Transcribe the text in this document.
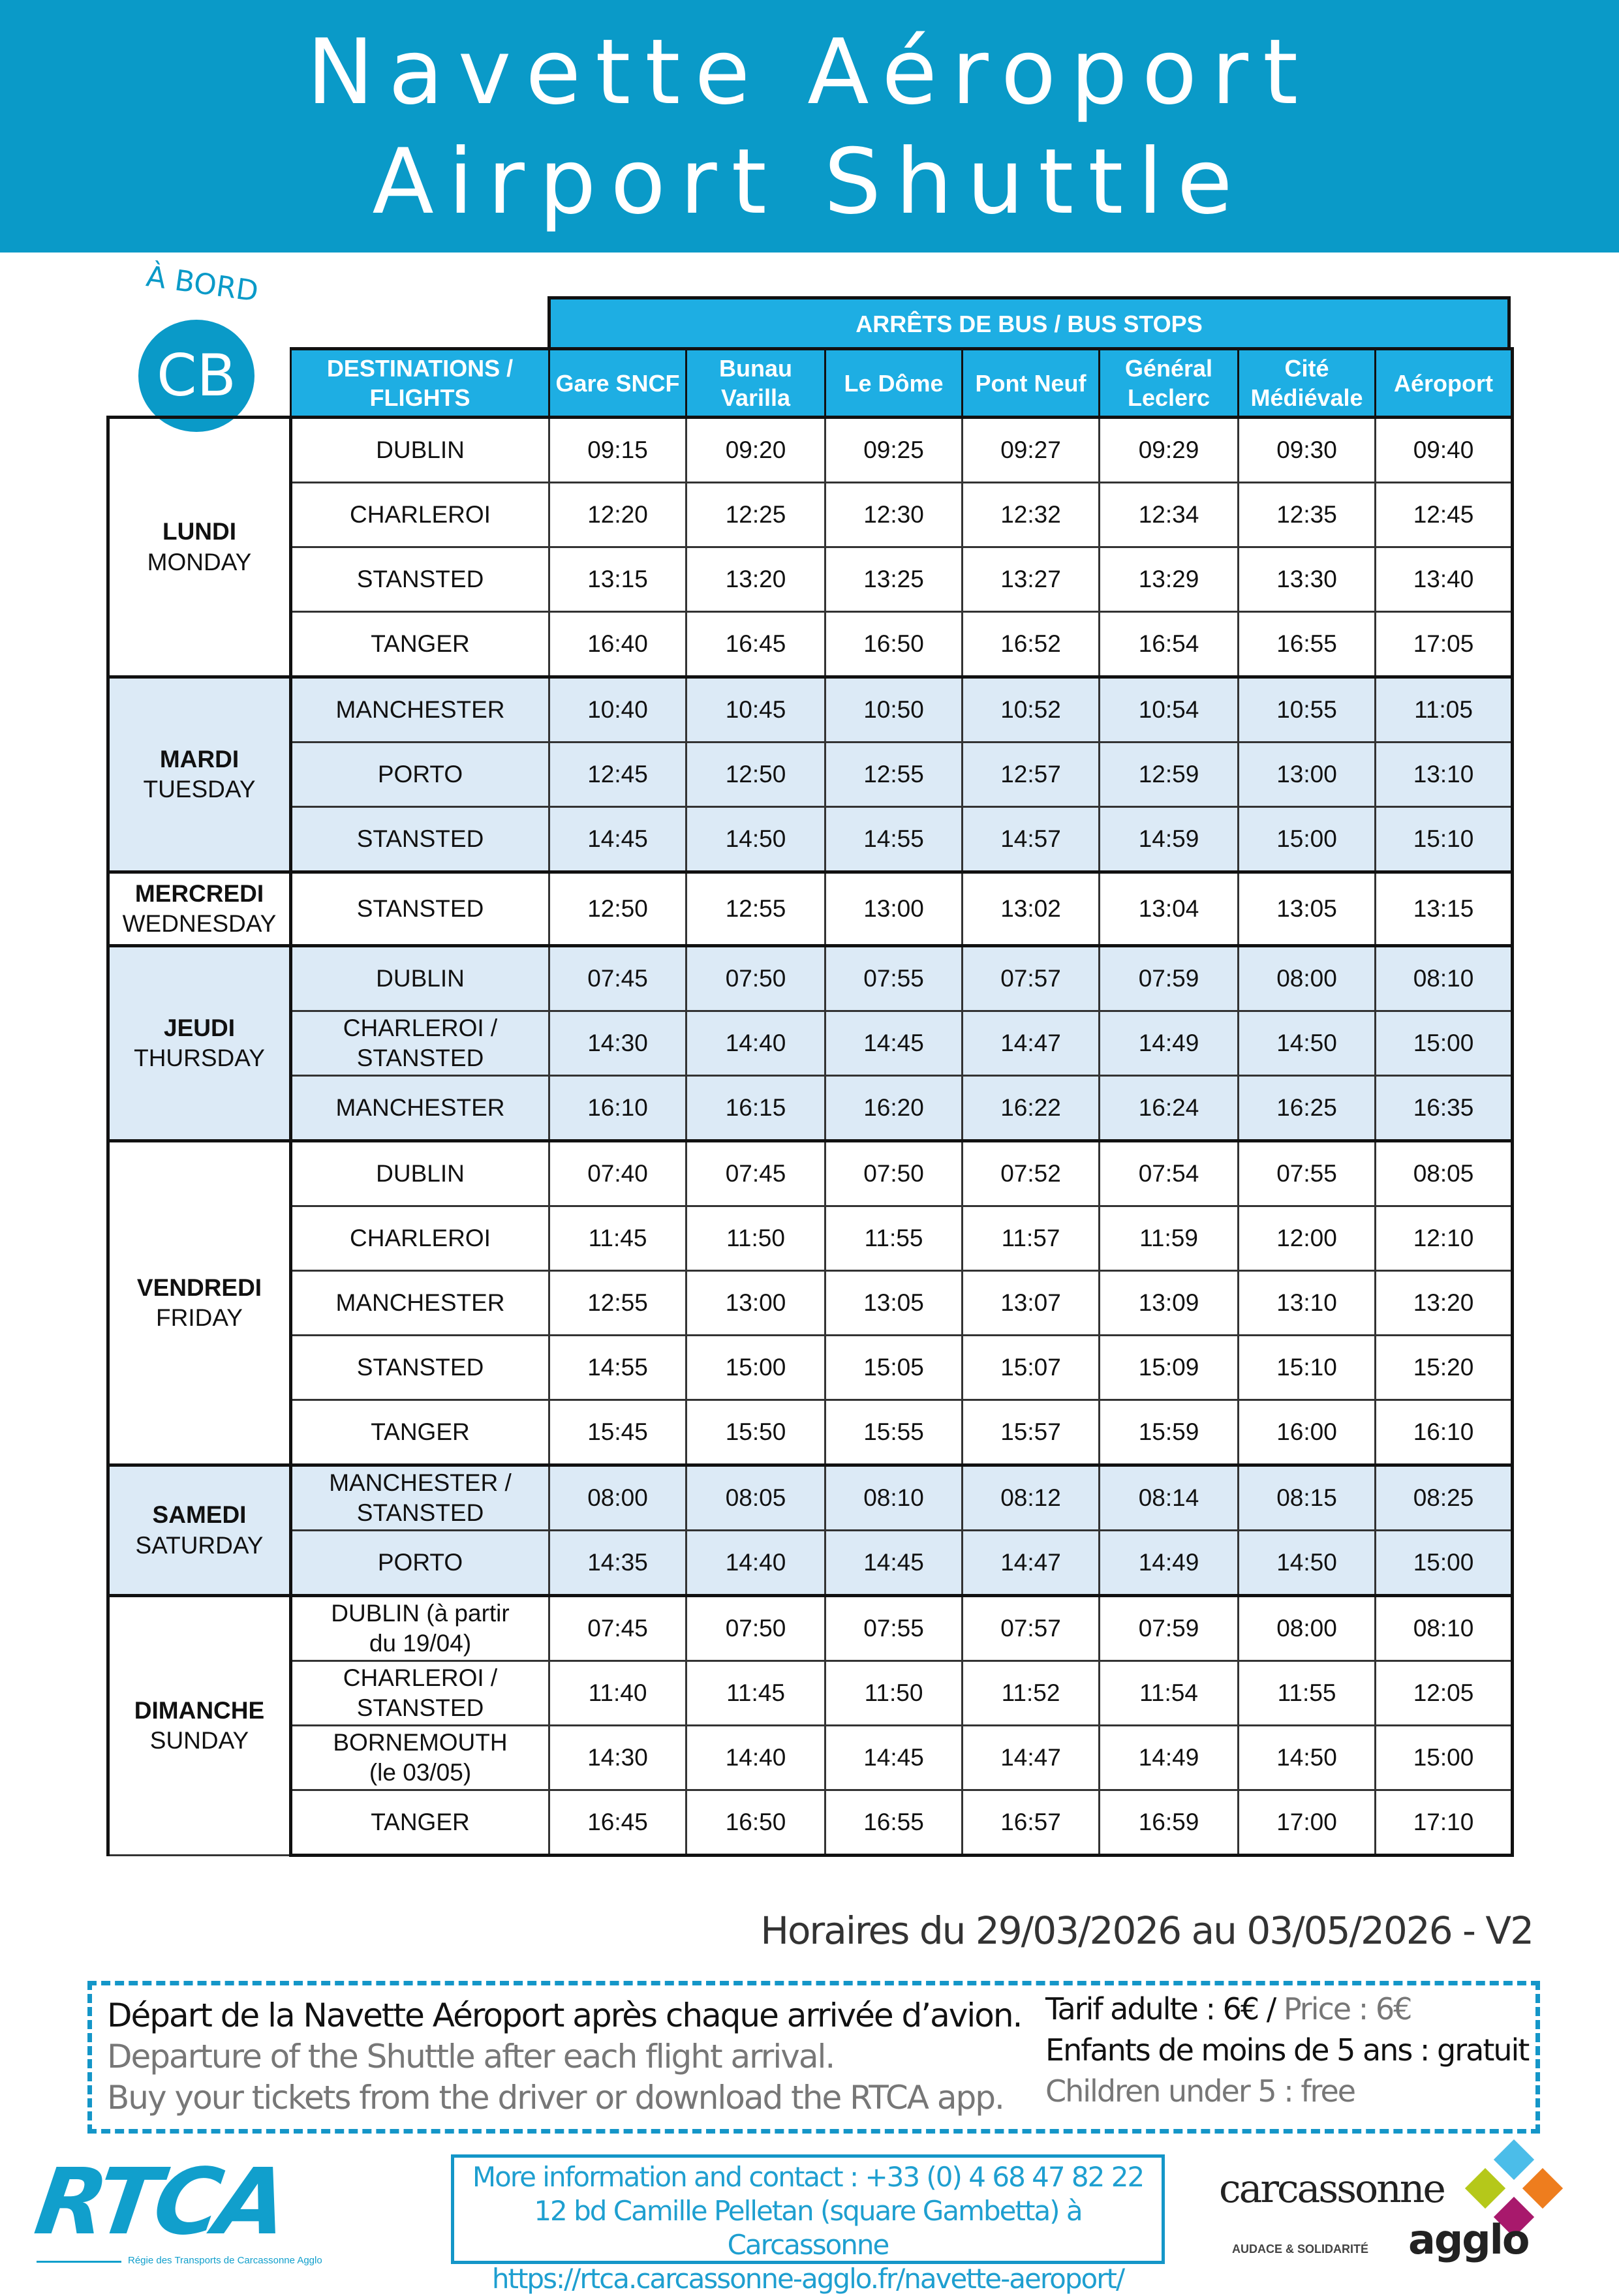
Navette Aéroport
Airport Shuttle
À BORD
CB
ARRÊTS DE BUS / BUS STOPS
	DESTINATIONS / FLIGHTS	Gare SNCF	Bunau Varilla	Le Dôme	Pont Neuf	Général Leclerc	Cité Médiévale	Aéroport

LUNDI
MONDAY	DUBLIN	09:15	09:20	09:25	09:27	09:29	09:30	09:40
	CHARLEROI	12:20	12:25	12:30	12:32	12:34	12:35	12:45
	STANSTED	13:15	13:20	13:25	13:27	13:29	13:30	13:40
	TANGER	16:40	16:45	16:50	16:52	16:54	16:55	17:05

MARDI
TUESDAY	MANCHESTER	10:40	10:45	10:50	10:52	10:54	10:55	11:05
	PORTO	12:45	12:50	12:55	12:57	12:59	13:00	13:10
	STANSTED	14:45	14:50	14:55	14:57	14:59	15:00	15:10

MERCREDI
WEDNESDAY	STANSTED	12:50	12:55	13:00	13:02	13:04	13:05	13:15

JEUDI
THURSDAY	DUBLIN	07:45	07:50	07:55	07:57	07:59	08:00	08:10
	CHARLEROI / STANSTED	14:30	14:40	14:45	14:47	14:49	14:50	15:00
	MANCHESTER	16:10	16:15	16:20	16:22	16:24	16:25	16:35

VENDREDI
FRIDAY	DUBLIN	07:40	07:45	07:50	07:52	07:54	07:55	08:05
	CHARLEROI	11:45	11:50	11:55	11:57	11:59	12:00	12:10
	MANCHESTER	12:55	13:00	13:05	13:07	13:09	13:10	13:20
	STANSTED	14:55	15:00	15:05	15:07	15:09	15:10	15:20
	TANGER	15:45	15:50	15:55	15:57	15:59	16:00	16:10

SAMEDI
SATURDAY	MANCHESTER / STANSTED	08:00	08:05	08:10	08:12	08:14	08:15	08:25
	PORTO	14:35	14:40	14:45	14:47	14:49	14:50	15:00

DIMANCHE
SUNDAY	DUBLIN (à partir du 19/04)	07:45	07:50	07:55	07:57	07:59	08:00	08:10
	CHARLEROI / STANSTED	11:40	11:45	11:50	11:52	11:54	11:55	12:05
	BORNEMOUTH (le 03/05)	14:30	14:40	14:45	14:47	14:49	14:50	15:00
	TANGER	16:45	16:50	16:55	16:57	16:59	17:00	17:10
Horaires du 29/03/2026 au 03/05/2026 - V2
Départ de la Navette Aéroport après chaque arrivée d’avion.
Departure of the Shuttle after each flight arrival.
Buy your tickets from the driver or download the RTCA app.
Tarif adulte : 6€ / Price : 6€
Enfants de moins de 5 ans : gratuit
Children under 5 : free
RTCA
Régie des Transports de Carcassonne Agglo
More information and contact : +33 (0) 4 68 47 82 22
12 bd Camille Pelletan (square Gambetta) à Carcassonne
https://rtca.carcassonne-agglo.fr/navette-aeroport/
carcassonne
AUDACE & SOLIDARITÉ agglo
